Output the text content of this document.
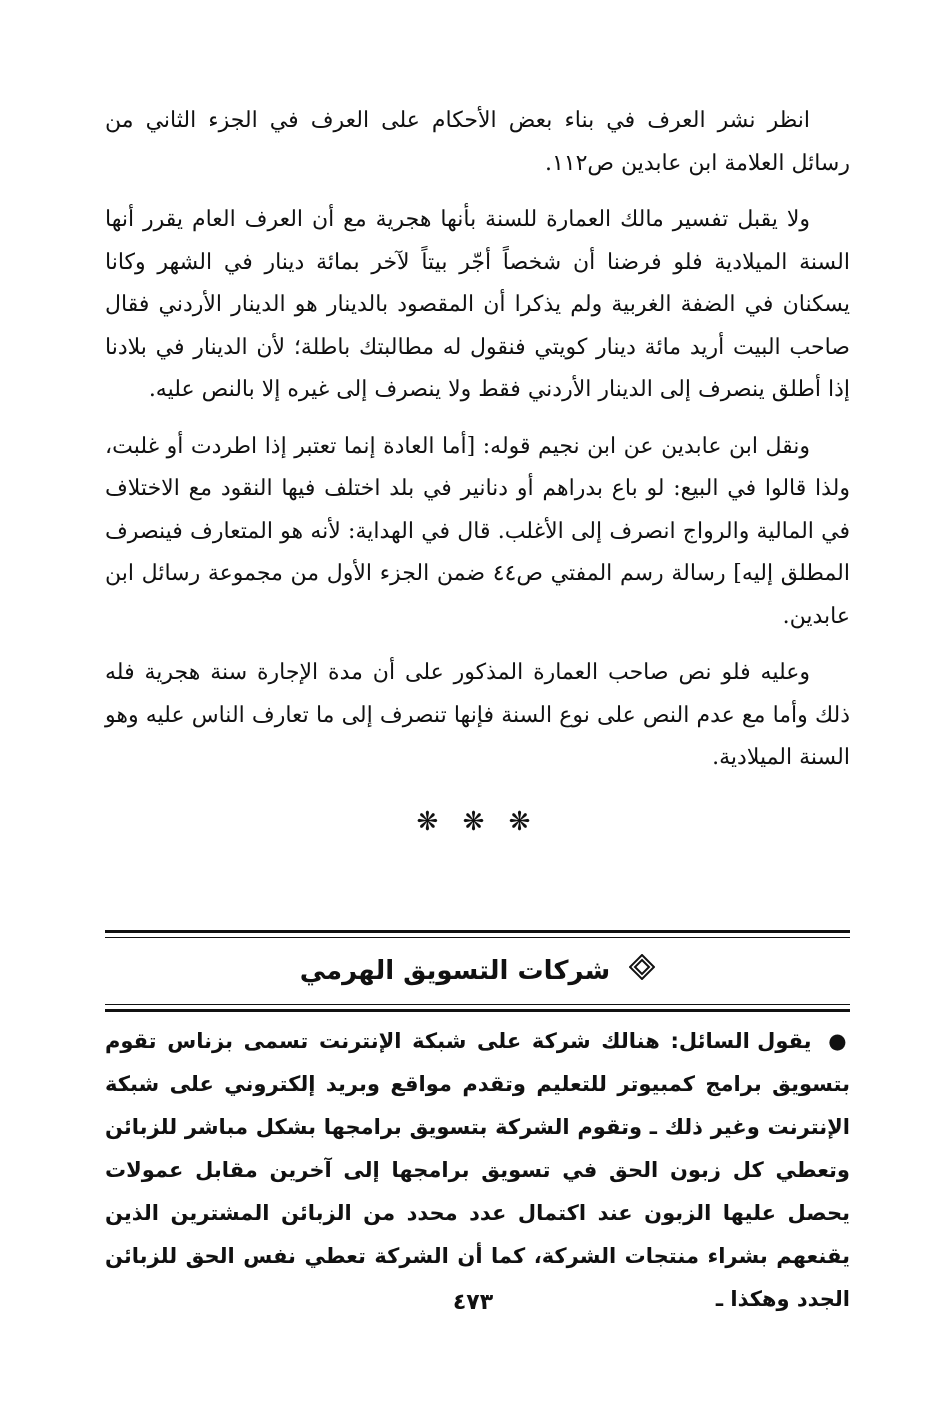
انظر نشر العرف في بناء بعض الأحكام على العرف في الجزء الثاني من رسائل العلامة ابن عابدين ص١١٢.

ولا يقبل تفسير مالك العمارة للسنة بأنها هجرية مع أن العرف العام يقرر أنها السنة الميلادية فلو فرضنا أن شخصاً أجّر بيتاً لآخر بمائة دينار في الشهر وكانا يسكنان في الضفة الغربية ولم يذكرا أن المقصود بالدينار هو الدينار الأردني فقال صاحب البيت أريد مائة دينار كويتي فنقول له مطالبتك باطلة؛ لأن الدينار في بلادنا إذا أطلق ينصرف إلى الدينار الأردني فقط ولا ينصرف إلى غيره إلا بالنص عليه.

ونقل ابن عابدين عن ابن نجيم قوله: [أما العادة إنما تعتبر إذا اطردت أو غلبت، ولذا قالوا في البيع: لو باع بدراهم أو دنانير في بلد اختلف فيها النقود مع الاختلاف في المالية والرواج انصرف إلى الأغلب. قال في الهداية: لأنه هو المتعارف فينصرف المطلق إليه] رسالة رسم المفتي ص٤٤ ضمن الجزء الأول من مجموعة رسائل ابن عابدين.

وعليه فلو نص صاحب العمارة المذكور على أن مدة الإجارة سنة هجرية فله ذلك وأما مع عدم النص على نوع السنة فإنها تنصرف إلى ما تعارف الناس عليه وهو السنة الميلادية.

❋ ❋ ❋
شركات التسويق الهرمي
● يقول السائل: هنالك شركة على شبكة الإنترنت تسمى بزناس تقوم بتسويق برامج كمبيوتر للتعليم وتقدم مواقع وبريد إلكتروني على شبكة الإنترنت وغير ذلك ـ وتقوم الشركة بتسويق برامجها بشكل مباشر للزبائن وتعطي كل زبون الحق في تسويق برامجها إلى آخرين مقابل عمولات يحصل عليها الزبون عند اكتمال عدد محدد من الزبائن المشترين الذين يقنعهم بشراء منتجات الشركة، كما أن الشركة تعطي نفس الحق للزبائن الجدد وهكذا ـ
٤٧٣
